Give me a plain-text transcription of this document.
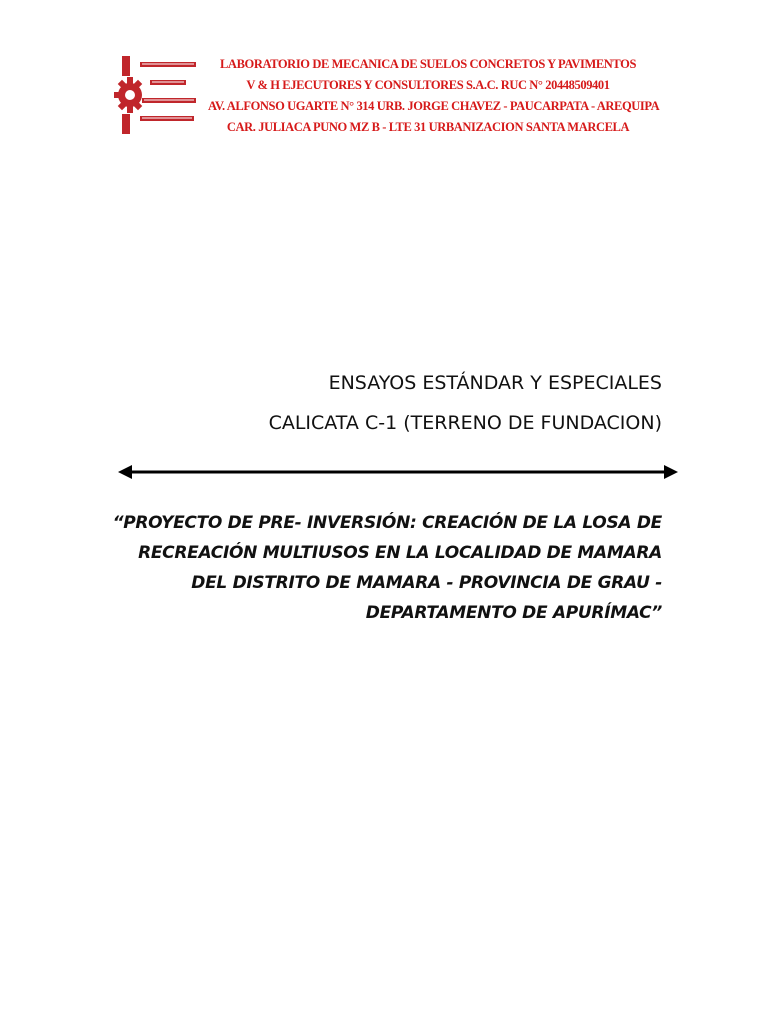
LABORATORIO DE MECANICA DE SUELOS CONCRETOS Y PAVIMENTOS
V & H EJECUTORES Y CONSULTORES S.A.C. RUC N° 20448509401
AV. ALFONSO UGARTE N° 314 URB. JORGE CHAVEZ - PAUCARPATA - AREQUIPA
CAR. JULIACA PUNO MZ B - LTE 31 URBANIZACION SANTA MARCELA
ENSAYOS ESTÁNDAR Y ESPECIALES
CALICATA C-1 (TERRENO DE FUNDACION)
“PROYECTO DE PRE- INVERSIÓN: CREACIÓN DE LA LOSA DE
RECREACIÓN MULTIUSOS EN LA LOCALIDAD DE MAMARA
DEL DISTRITO DE MAMARA - PROVINCIA DE GRAU -
DEPARTAMENTO DE APURÍMAC”
